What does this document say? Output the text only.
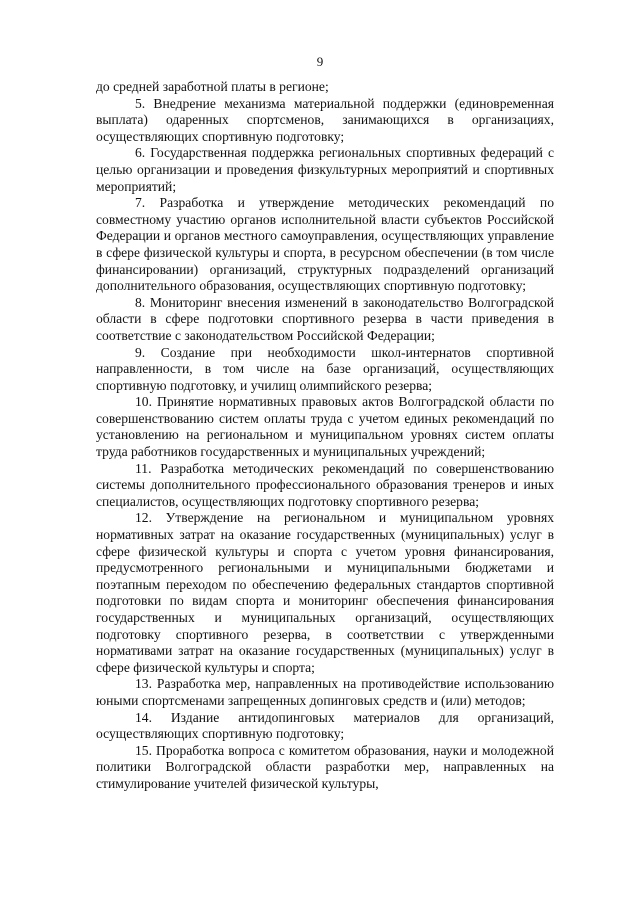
9

до средней заработной платы в регионе;

5. Внедрение механизма материальной поддержки (единовременная выплата) одаренных спортсменов, занимающихся в организациях, осуществляющих спортивную подготовку;

6. Государственная поддержка региональных спортивных федераций с целью организации и проведения физкультурных мероприятий и спортивных мероприятий;

7. Разработка и утверждение методических рекомендаций по совместному участию органов исполнительной власти субъектов Российской Федерации и органов местного самоуправления, осуществляющих управление в сфере физической культуры и спорта, в ресурсном обеспечении (в том числе финансировании) организаций, структурных подразделений организаций дополнительного образования, осуществляющих спортивную подготовку;

8. Мониторинг внесения изменений в законодательство Волгоградской области в сфере подготовки спортивного резерва в части приведения в соответствие с законодательством Российской Федерации;

9. Создание при необходимости школ-интернатов спортивной направленности, в том числе на базе организаций, осуществляющих спортивную подготовку, и училищ олимпийского резерва;

10. Принятие нормативных правовых актов Волгоградской области по совершенствованию систем оплаты труда с учетом единых рекомендаций по установлению на региональном и муниципальном уровнях систем оплаты труда работников государственных и муниципальных учреждений;

11. Разработка методических рекомендаций по совершенствованию системы дополнительного профессионального образования тренеров и иных специалистов, осуществляющих подготовку спортивного резерва;

12. Утверждение на региональном и муниципальном уровнях нормативных затрат на оказание государственных (муниципальных) услуг в сфере физической культуры и спорта с учетом уровня финансирования, предусмотренного региональными и муниципальными бюджетами и поэтапным переходом по обеспечению федеральных стандартов спортивной подготовки по видам спорта и мониторинг обеспечения финансирования государственных и муниципальных организаций, осуществляющих подготовку спортивного резерва, в соответствии с утвержденными нормативами затрат на оказание государственных (муниципальных) услуг в сфере физической культуры и спорта;

13. Разработка мер, направленных на противодействие использованию юными спортсменами запрещенных допинговых средств и (или) методов;

14. Издание антидопинговых материалов для организаций, осуществляющих спортивную подготовку;

15. Проработка вопроса с комитетом образования, науки и молодежной политики Волгоградской области разработки мер, направленных на стимулирование учителей физической культуры,
